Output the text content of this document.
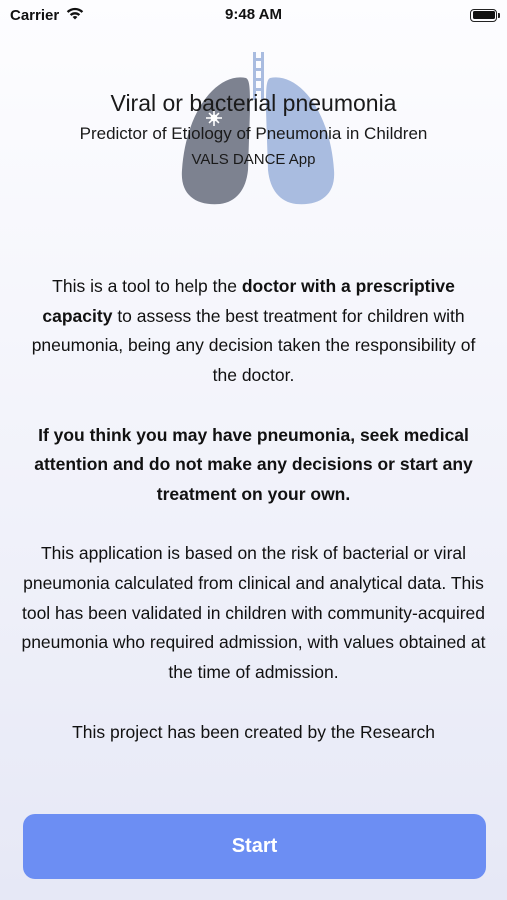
Carrier	9:48 AM
Viral or bacterial pneumonia
Predictor of Etiology of Pneumonia in Children
VALS DANCE App

This is a tool to help the doctor with a prescriptive capacity to assess the best treatment for children with pneumonia, being any decision taken the responsibility of the doctor.

If you think you may have pneumonia, seek medical attention and do not make any decisions or start any treatment on your own.

This application is based on the risk of bacterial or viral pneumonia calculated from clinical and analytical data. This tool has been validated in children with community-acquired pneumonia who required admission, with values obtained at the time of admission.

This project has been created by the Research

Start
